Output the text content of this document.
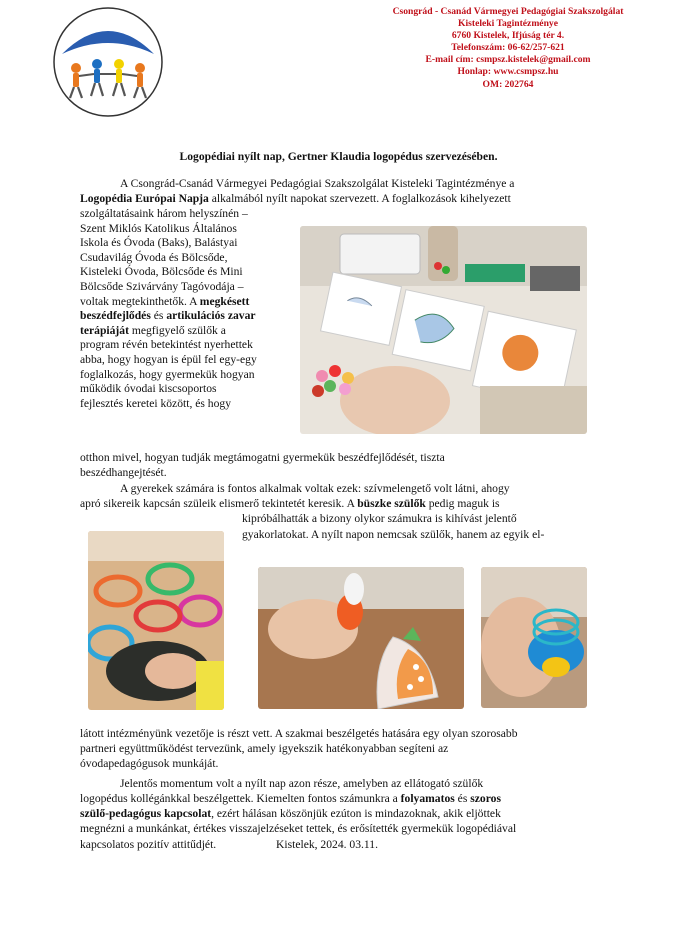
Csongrád - Csanád Vármegyei Pedagógiai Szakszolgálat
Kisteleki Tagintézménye
6760 Kistelek, Ifjúság tér 4.
Telefonszám: 06-62/257-621
E-mail cím: csmpsz.kistelek@gmail.com
Honlap: www.csmpsz.hu
OM: 202764
Logopédiai nyílt nap, Gertner Klaudia logopédus szervezésében.
A Csongrád-Csanád Vármegyei Pedagógiai Szakszolgálat Kisteleki Tagintézménye a
Logopédia Európai Napja alkalmából nyílt napokat szervezett. A foglalkozások kihelyezett
szolgáltatásaink három helyszínén –
Szent Miklós Katolikus Általános
Iskola és Óvoda (Baks), Balástyai
Csudavilág Óvoda és Bölcsőde,
Kisteleki Óvoda, Bölcsőde és Mini
Bölcsőde Szivárvány Tagóvodája –
voltak megtekinthetők. A megkésett
beszédfejlődés és artikulációs zavar
terápiáját megfigyelő szülők a
program révén betekintést nyerhettek
abba, hogy hogyan is épül fel egy-egy
foglalkozás, hogy gyermekük hogyan
működik óvodai kiscsoportos
fejlesztés keretei között, és hogy
otthon mivel, hogyan tudják megtámogatni gyermekük beszédfejlődését, tiszta
beszédhangejtését.
A gyerekek számára is fontos alkalmak voltak ezek: szívmelengető volt látni, ahogy
apró sikereik kapcsán szüleik elismerő tekintetét keresik. A büszke szülők pedig maguk is
kipróbálhatták a bizony olykor számukra is kihívást jelentő
gyakorlatokat. A nyílt napon nemcsak szülők, hanem az egyik el-
látott intézményünk vezetője is részt vett. A szakmai beszélgetés hatására egy olyan szorosabb
partneri együttműködést tervezünk, amely igyekszik hatékonyabban segíteni az
óvodapedagógusok munkáját.
Jelentős momentum volt a nyílt nap azon része, amelyben az ellátogató szülők
logopédus kollégánkkal beszélgettek. Kiemelten fontos számunkra a folyamatos és szoros
szülő-pedagógus kapcsolat, ezért hálásan köszönjük ezúton is mindazoknak, akik eljöttek
megnézni a munkánkat, értékes visszajelzéseket tettek, és erősítették gyermekük logopédiával
kapcsolatos pozitív attitűdjét.	Kistelek, 2024. 03.11.
